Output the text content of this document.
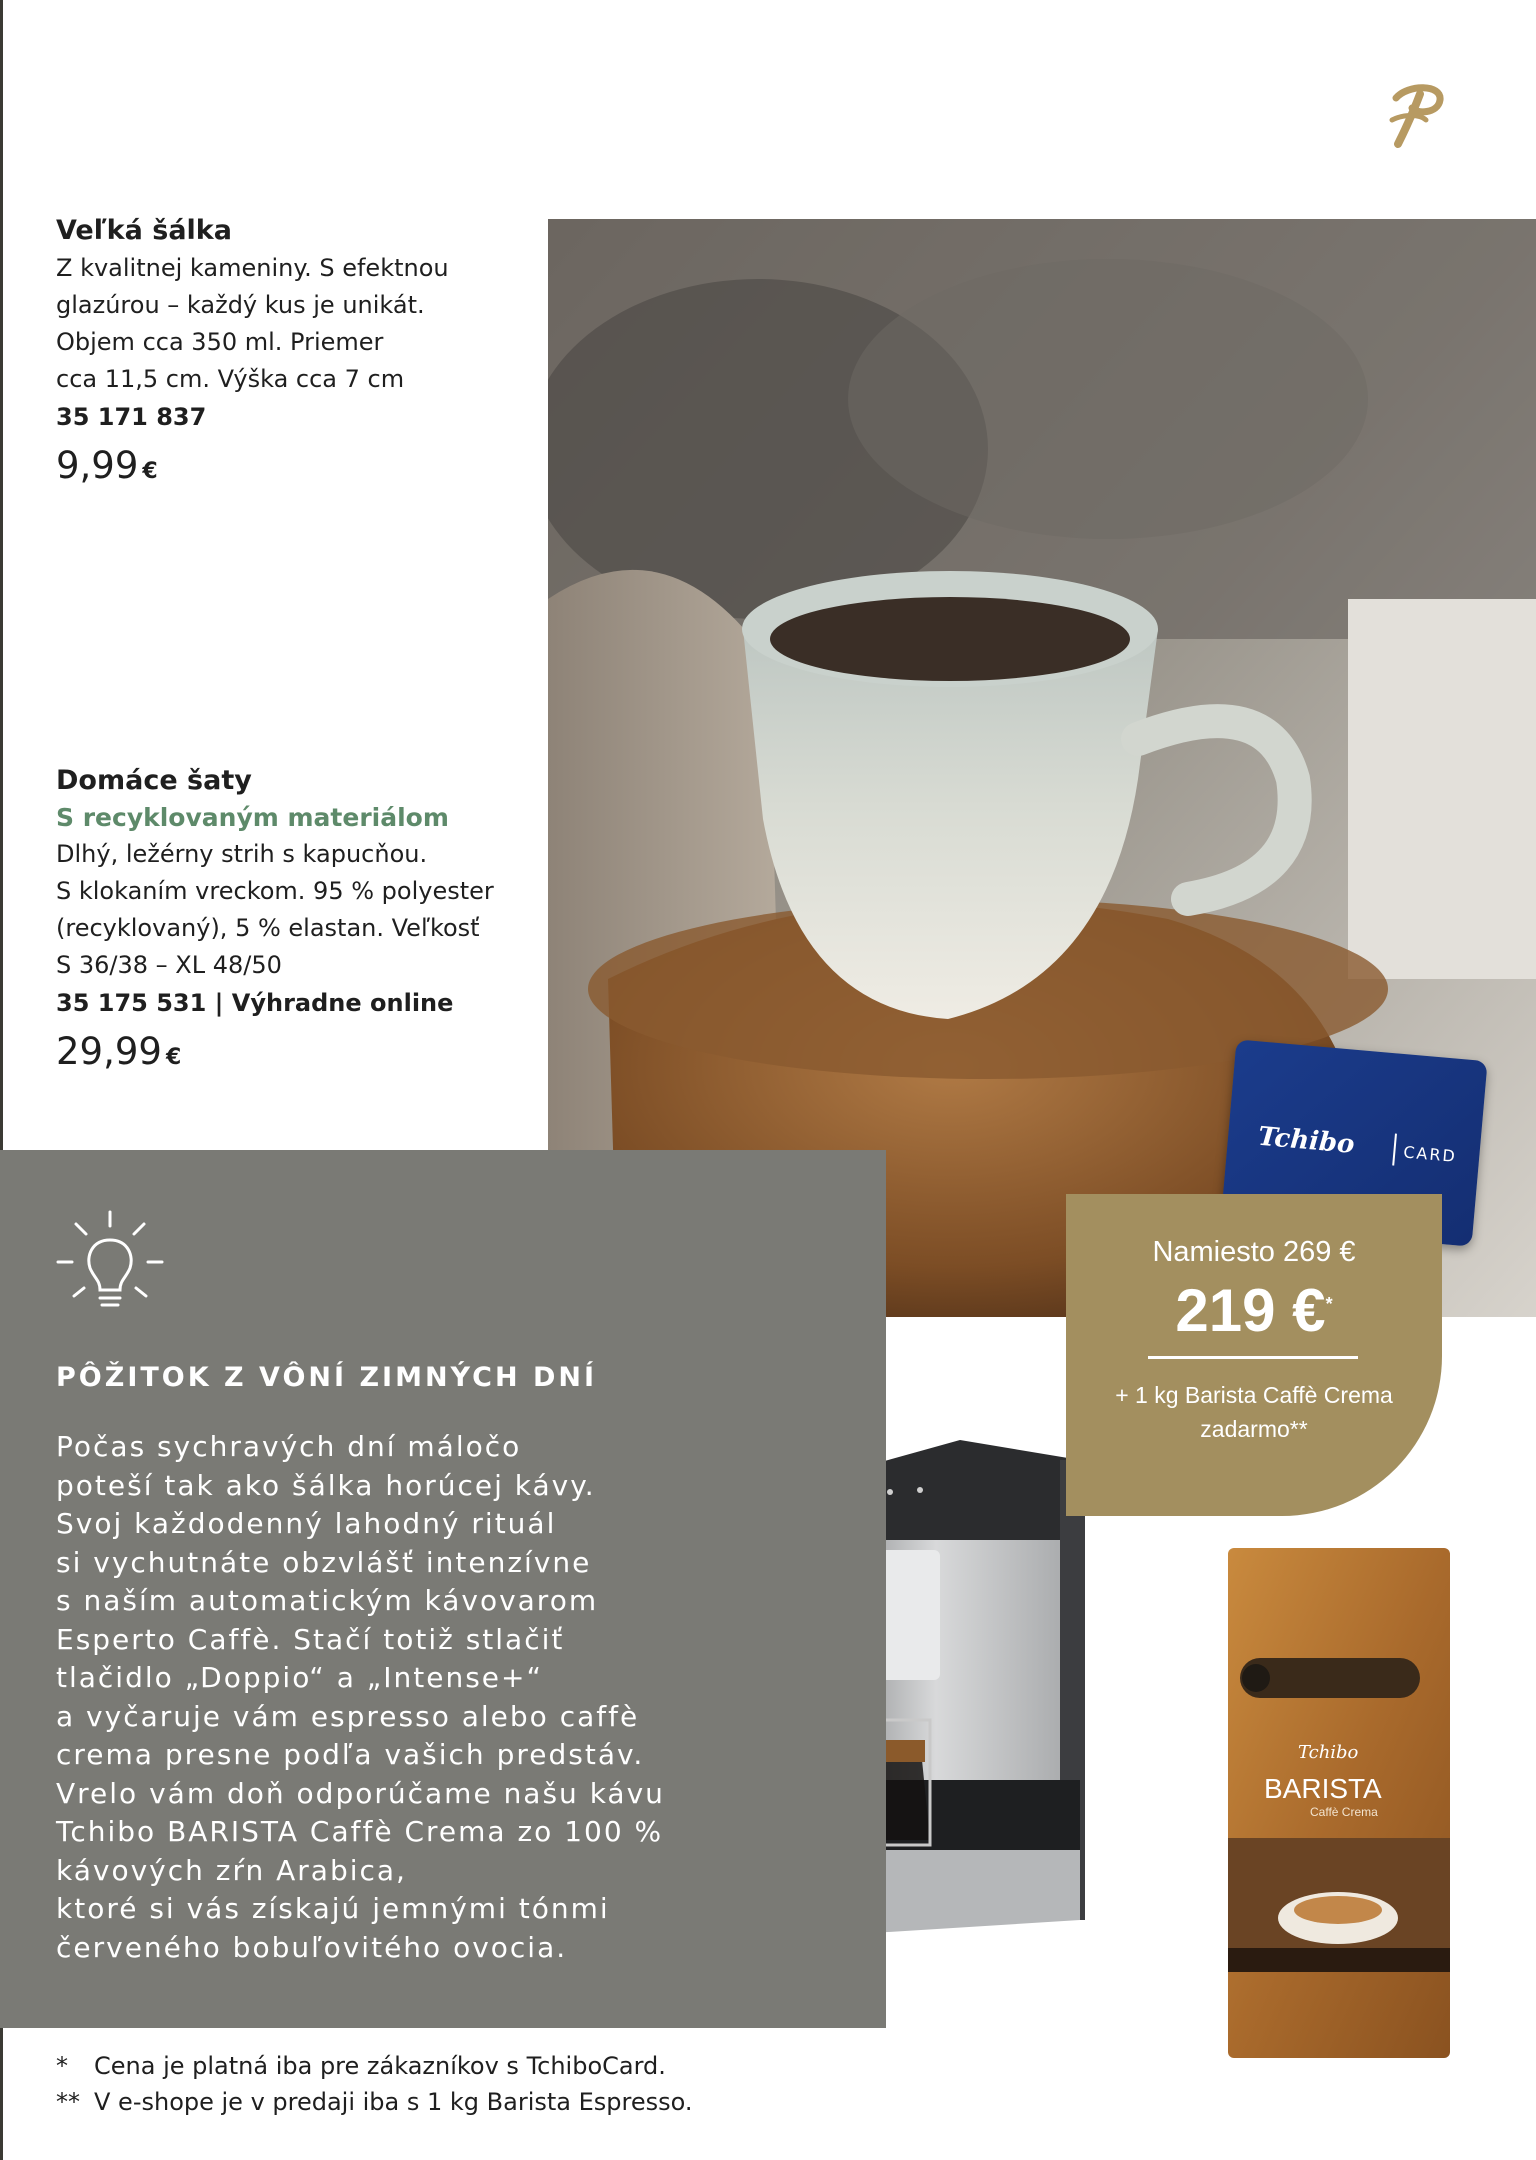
Veľká šálka
Z kvalitnej kameniny. S efektnou
glazúrou – každý kus je unikát.
Objem cca 350 ml. Priemer
cca 11,5 cm. Výška cca 7 cm
35 171 837
9,99 €
Domáce šaty
S recyklovaným materiálom
Dlhý, ležérny strih s kapucňou.
S klokaním vreckom. 95 % polyester
(recyklovaný), 5 % elastan. Veľkosť
S 36/38 – XL 48/50
35 175 531 | Výhradne online
29,99 €
Tchibo
BARISTA
Caffè Crema
Tchibo	CARD
Namiesto 269 €
219 €*
+ 1 kg Barista Caffè Crema
zadarmo**
PÔŽITOK Z VÔNÍ ZIMNÝCH DNÍ
Počas sychravých dní máločo
poteší tak ako šálka horúcej kávy.
Svoj každodenný lahodný rituál
si vychutnáte obzvlášť intenzívne
s naším automatickým kávovarom
Esperto Caffè. Stačí totiž stlačiť
tlačidlo „Doppio“ a „Intense+“
a vyčaruje vám espresso alebo caffè
crema presne podľa vašich predstáv.
Vrelo vám doň odporúčame našu kávu
Tchibo BARISTA Caffè Crema zo 100 %
kávových zŕn Arabica,
ktoré si vás získajú jemnými tónmi
červeného bobuľovitého ovocia.
*	Cena je platná iba pre zákazníkov s TchiboCard.
** V e-shope je v predaji iba s 1 kg Barista Espresso.
